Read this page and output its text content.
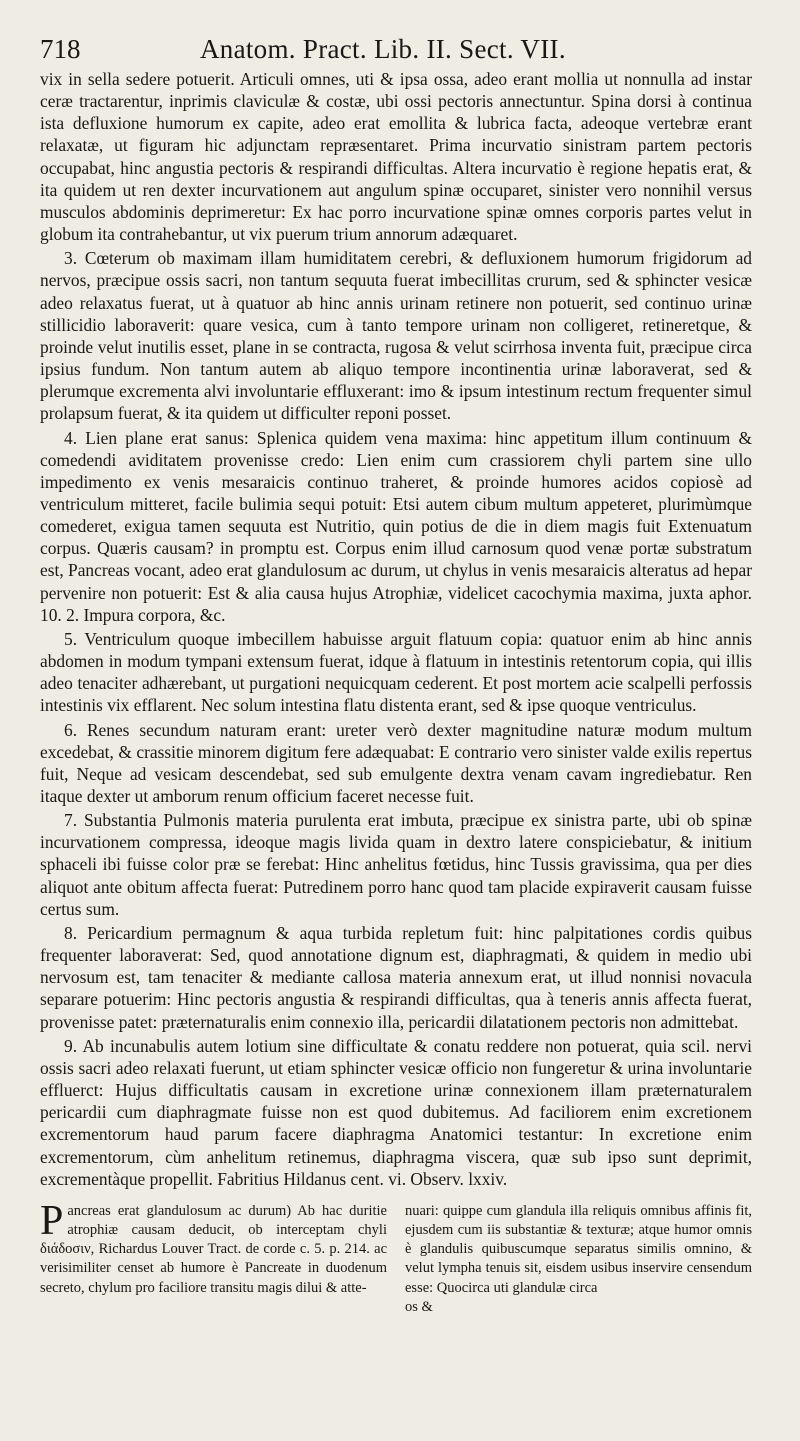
718	Anatom. Pract. Lib. II. Sect. VII.

vix in sella sedere potuerit. Articuli omnes, uti & ipsa ossa, adeo erant mollia ut nonnulla ad instar ceræ tractarentur, inprimis claviculæ & costæ, ubi ossi pectoris annectuntur. Spina dorsi à continua ista defluxione humorum ex capite, adeo erat emollita & lubrica facta, adeoque vertebræ erant relaxatæ, ut figuram hic adjunctam repræsentaret. Prima incurvatio sinistram partem pectoris occupabat, hinc angustia pectoris & respirandi difficultas. Altera incurvatio è regione hepatis erat, & ita quidem ut ren dexter incurvationem aut angulum spinæ occuparet, sinister vero nonnihil versus musculos abdominis deprimeretur: Ex hac porro incurvatione spinæ omnes corporis partes velut in globum ita contrahebantur, ut vix puerum trium annorum adæquaret.

3. Cœterum ob maximam illam humiditatem cerebri, & defluxionem humorum frigidorum ad nervos, præcipue ossis sacri, non tantum sequuta fuerat imbecillitas crurum, sed & sphincter vesicæ adeo relaxatus fuerat, ut à quatuor ab hinc annis urinam retinere non potuerit, sed continuo urinæ stillicidio laboraverit: quare vesica, cum à tanto tempore urinam non colligeret, retineretque, & proinde velut inutilis esset, plane in se contracta, rugosa & velut scirrhosa inventa fuit, præcipue circa ipsius fundum. Non tantum autem ab aliquo tempore incontinentia urinæ laboraverat, sed & plerumque excrementa alvi involuntarie effluxerant: imo & ipsum intestinum rectum frequenter simul prolapsum fuerat, & ita quidem ut difficulter reponi posset.

4. Lien plane erat sanus: Splenica quidem vena maxima: hinc appetitum illum continuum & comedendi aviditatem provenisse credo: Lien enim cum crassiorem chyli partem sine ullo impedimento ex venis mesaraicis continuo traheret, & proinde humores acidos copiosè ad ventriculum mitteret, facile bulimia sequi potuit: Etsi autem cibum multum appeteret, plurimùmque comederet, exigua tamen sequuta est Nutritio, quin potius de die in diem magis fuit Extenuatum corpus. Quæris causam? in promptu est. Corpus enim illud carnosum quod venæ portæ substratum est, Pancreas vocant, adeo erat glandulosum ac durum, ut chylus in venis mesaraicis alteratus ad hepar pervenire non potuerit: Est & alia causa hujus Atrophiæ, videlicet cacochymia maxima, juxta aphor. 10. 2. Impura corpora, &c.

5. Ventriculum quoque imbecillem habuisse arguit flatuum copia: quatuor enim ab hinc annis abdomen in modum tympani extensum fuerat, idque à flatuum in intestinis retentorum copia, qui illis adeo tenaciter adhærebant, ut purgationi nequicquam cederent. Et post mortem acie scalpelli perfossis intestinis vix efflarent. Nec solum intestina flatu distenta erant, sed & ipse quoque ventriculus.

6. Renes secundum naturam erant: ureter verò dexter magnitudine naturæ modum multum excedebat, & crassitie minorem digitum fere adæquabat: E contrario vero sinister valde exilis repertus fuit, Neque ad vesicam descendebat, sed sub emulgente dextra venam cavam ingrediebatur. Ren itaque dexter ut amborum renum officium faceret necesse fuit.

7. Substantia Pulmonis materia purulenta erat imbuta, præcipue ex sinistra parte, ubi ob spinæ incurvationem compressa, ideoque magis livida quam in dextro latere conspiciebatur, & initium sphaceli ibi fuisse color præ se ferebat: Hinc anhelitus fœtidus, hinc Tussis gravissima, qua per dies aliquot ante obitum affecta fuerat: Putredinem porro hanc quod tam placide expiraverit causam fuisse certus sum.

8. Pericardium permagnum & aqua turbida repletum fuit: hinc palpitationes cordis quibus frequenter laboraverat: Sed, quod annotatione dignum est, diaphragmati, & quidem in medio ubi nervosum est, tam tenaciter & mediante callosa materia annexum erat, ut illud nonnisi novacula separare potuerim: Hinc pectoris angustia & respirandi difficultas, qua à teneris annis affecta fuerat, provenisse patet: præternaturalis enim connexio illa, pericardii dilatationem pectoris non admittebat.

9. Ab incunabulis autem lotium sine difficultate & conatu reddere non potuerat, quia scil. nervi ossis sacri adeo relaxati fuerunt, ut etiam sphincter vesicæ officio non fungeretur & urina involuntarie effluerct: Hujus difficultatis causam in excretione urinæ connexionem illam præternaturalem pericardii cum diaphragmate fuisse non est quod dubitemus. Ad faciliorem enim excretionem excrementorum haud parum facere diaphragma Anatomici testantur: In excretione enim excrementorum, cùm anhelitum retinemus, diaphragma viscera, quæ sub ipso sunt deprimit, excrementàque propellit. Fabritius Hildanus cent. vi. Observ. lxxiv.

Pancreas erat glandulosum ac durum) Ab hac duritie atrophiæ causam deducit, ob interceptam chyli διάδοσιν, Richardus Louver Tract. de corde c. 5. p. 214. ac verisimiliter censet ab humore è Pancreate in duodenum secreto, chylum pro faciliore transitu magis dilui & atte-
nuari: quippe cum glandula illa reliquis omnibus affinis fit, ejusdem cum iis substantiæ & texturæ; atque humor omnis è glandulis quibuscumque separatus similis omnino, & velut lympha tenuis sit, eisdem usibus inservire censendum esse: Quocirca uti glandulæ circa
os &
